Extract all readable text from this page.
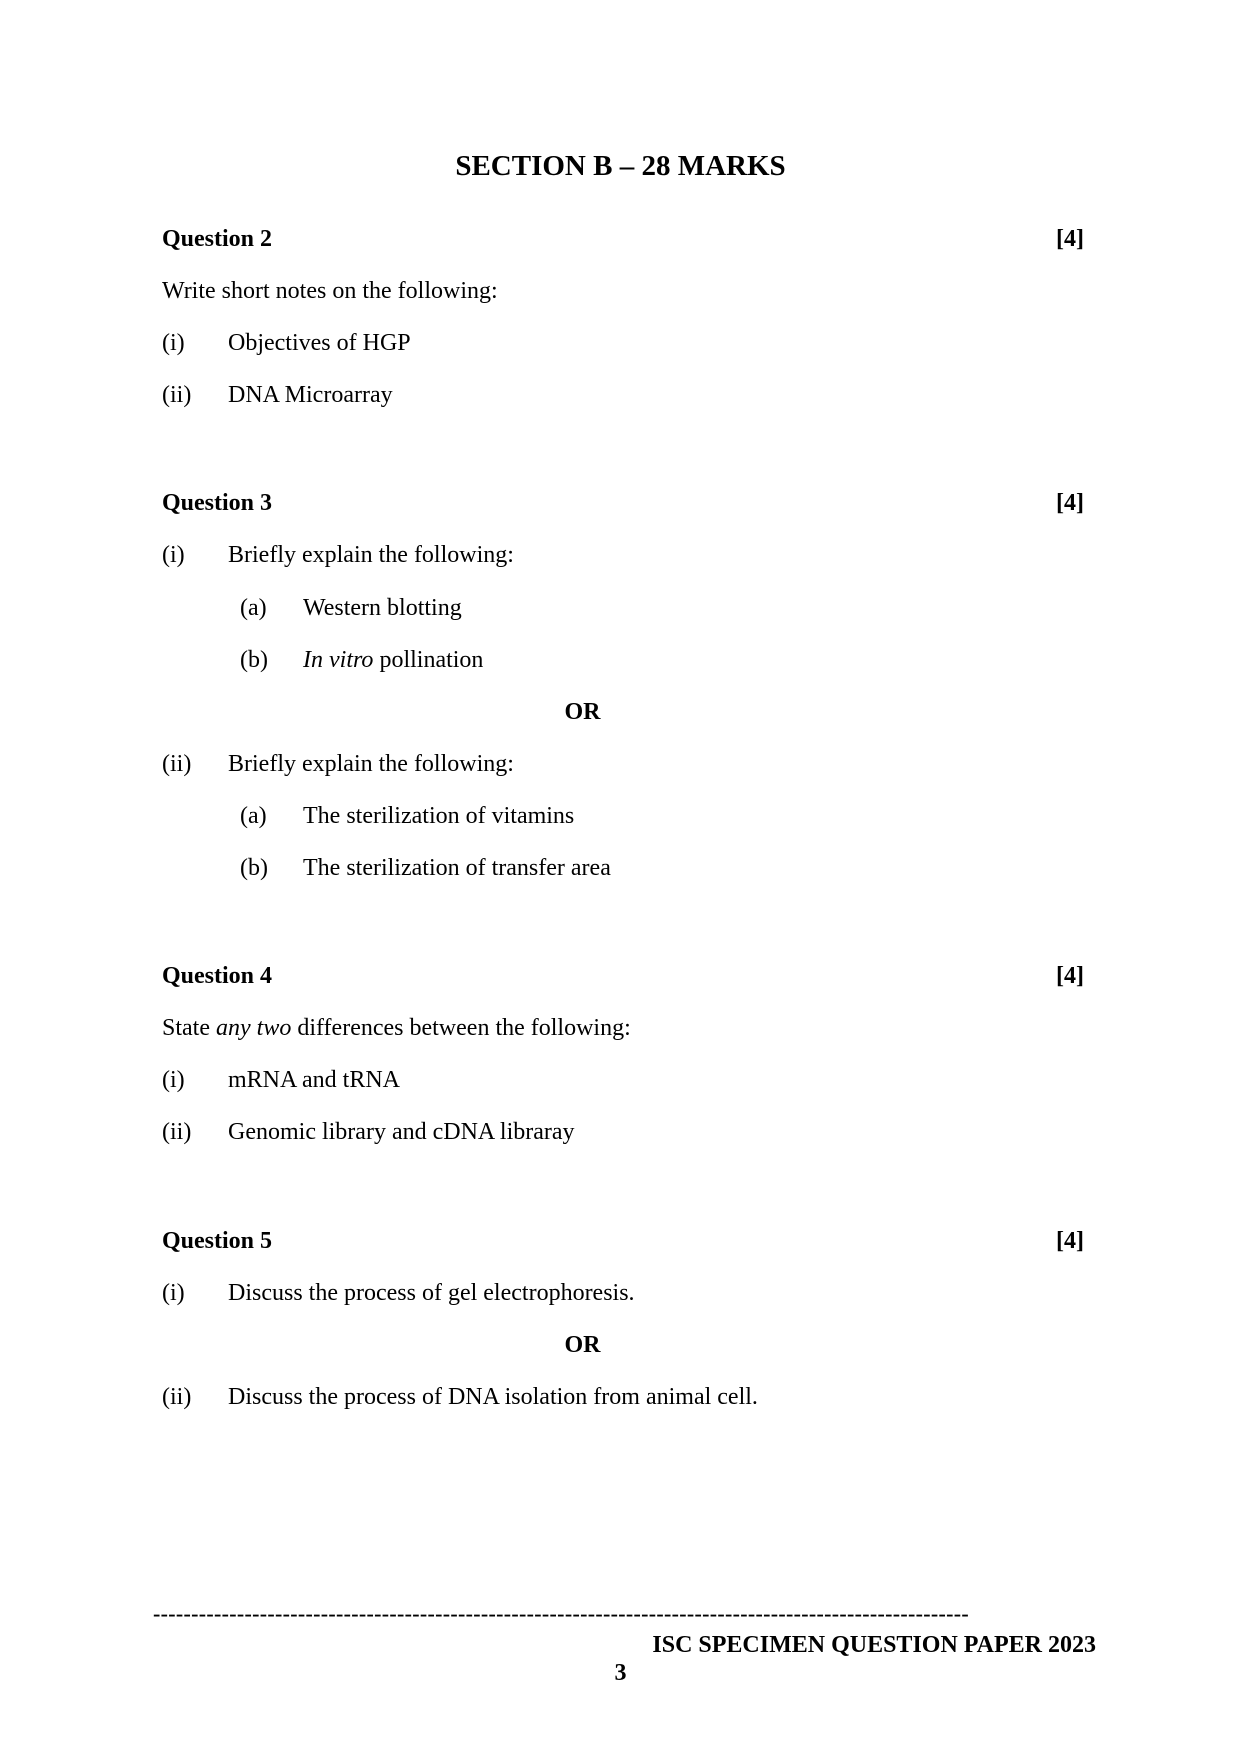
SECTION B – 28 MARKS
Question 2	[4]
Write short notes on the following:
(i) Objectives of HGP
(ii) DNA Microarray
Question 3	[4]
(i) Briefly explain the following:
(a) Western blotting
(b) In vitro pollination
OR
(ii) Briefly explain the following:
(a) The sterilization of vitamins
(b) The sterilization of transfer area
Question 4	[4]
State any two differences between the following:
(i) mRNA and tRNA
(ii) Genomic library and cDNA libraray
Question 5	[4]
(i) Discuss the process of gel electrophoresis.
OR
(ii) Discuss the process of DNA isolation from animal cell.
-----------------------------------------------------------------------------------------------------------
ISC SPECIMEN QUESTION PAPER 2023
3
